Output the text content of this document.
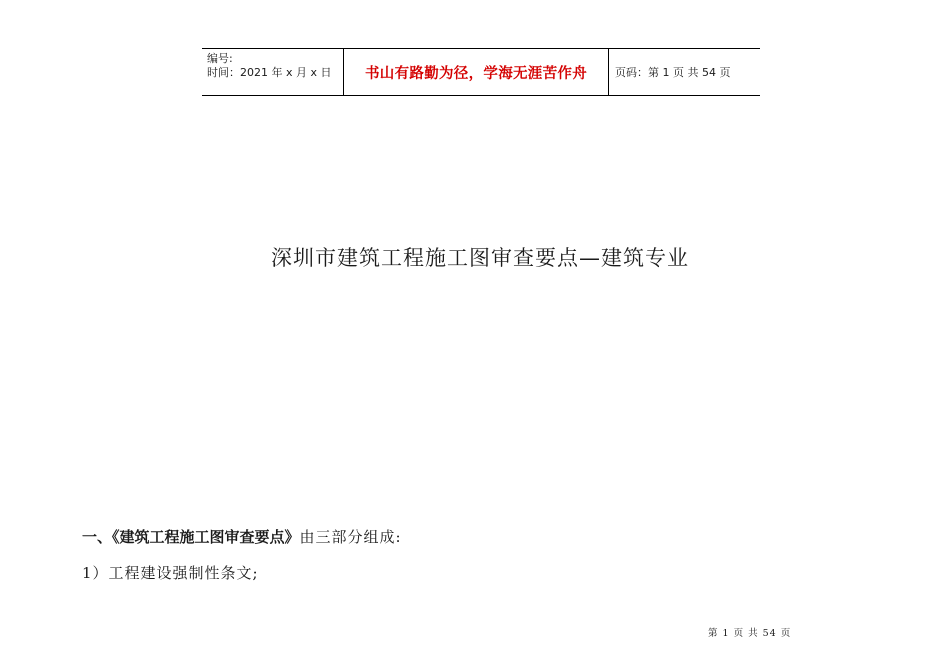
编号:
时间：2021 年 x 月 x 日	书山有路勤为径，学海无涯苦作舟	页码：第 1 页 共 54 页
深圳市建筑工程施工图审查要点—建筑专业
一、《建筑工程施工图审查要点》由三部分组成:
1）工程建设强制性条文;
第 1 页 共 54 页
